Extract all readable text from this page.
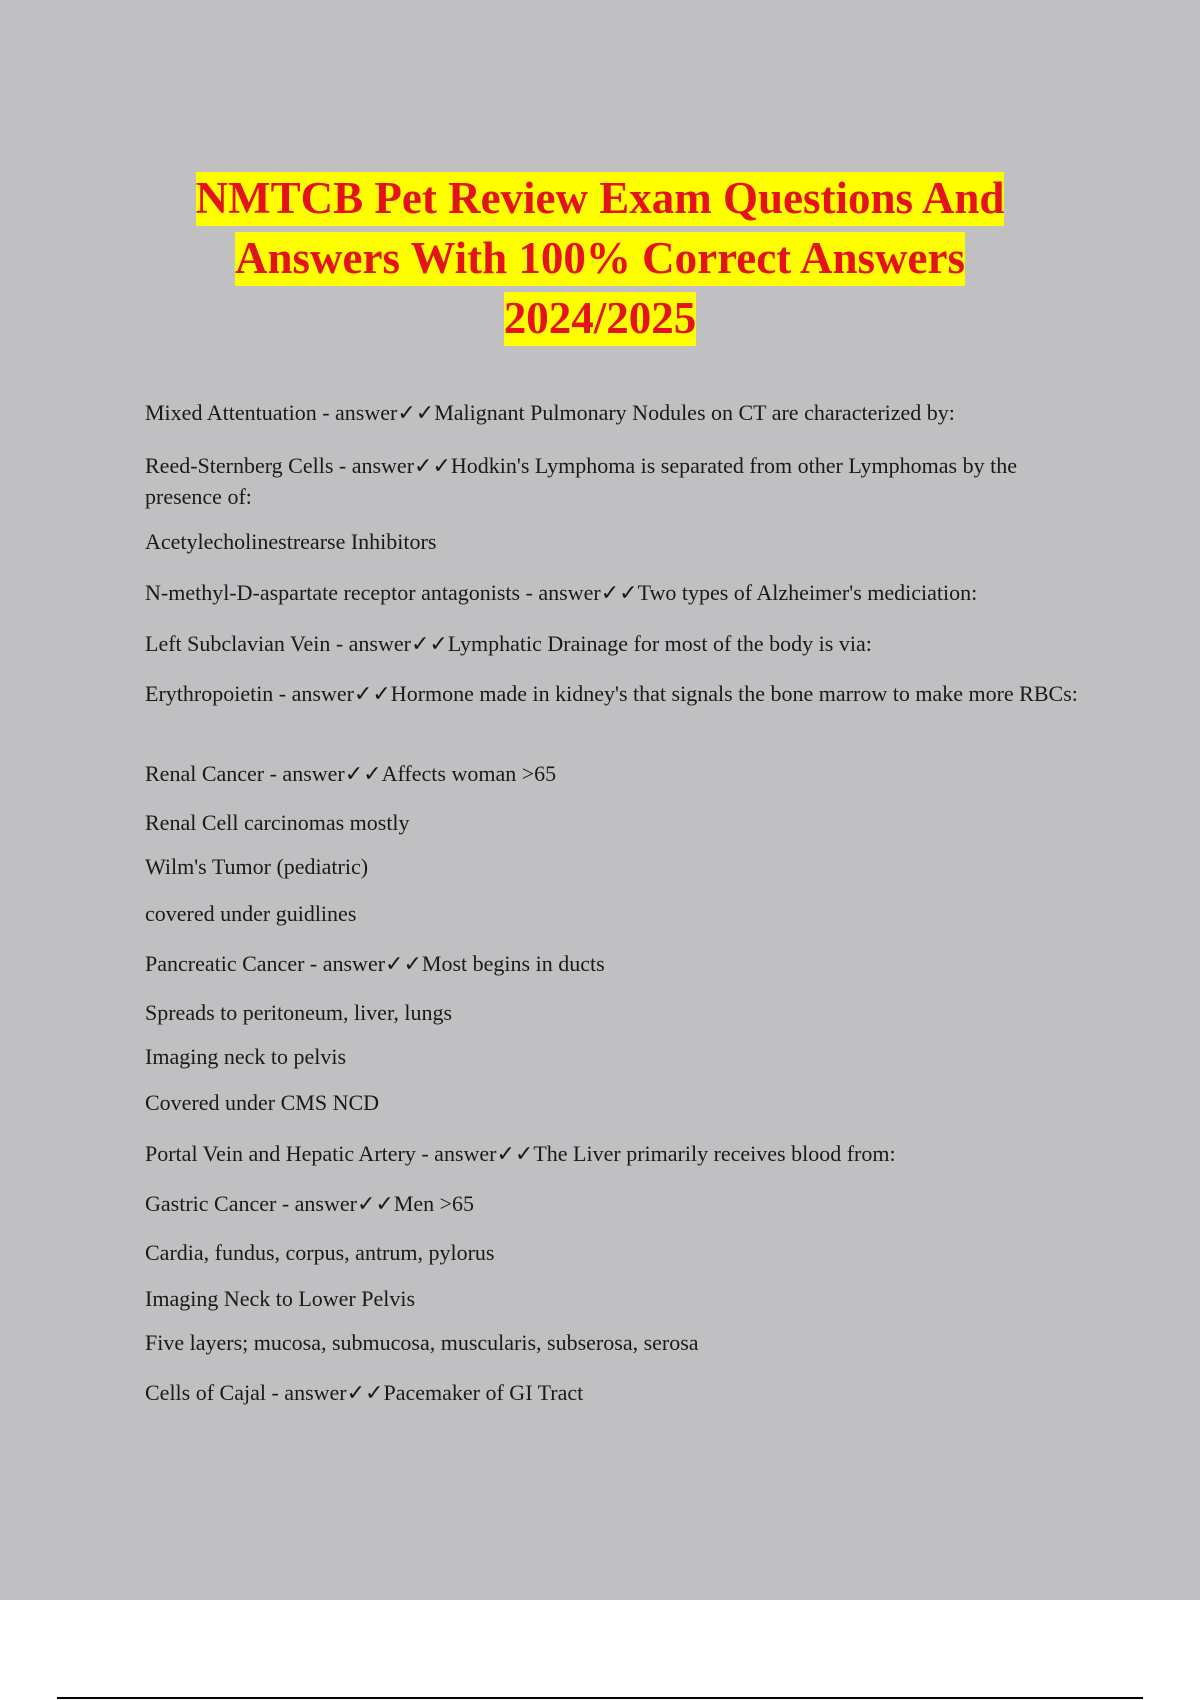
NMTCB Pet Review Exam Questions And
Answers With 100% Correct Answers
2024/2025

Mixed Attentuation - answer✓✓Malignant Pulmonary Nodules on CT are characterized by:

Reed-Sternberg Cells - answer✓✓Hodkin's Lymphoma is separated from other Lymphomas by the presence of:

Acetylecholinestrearse Inhibitors

N-methyl-D-aspartate receptor antagonists - answer✓✓Two types of Alzheimer's mediciation:

Left Subclavian Vein - answer✓✓Lymphatic Drainage for most of the body is via:

Erythropoietin - answer✓✓Hormone made in kidney's that signals the bone marrow to make more RBCs:

Renal Cancer - answer✓✓Affects woman >65

Renal Cell carcinomas mostly

Wilm's Tumor (pediatric)

covered under guidlines

Pancreatic Cancer - answer✓✓Most begins in ducts

Spreads to peritoneum, liver, lungs

Imaging neck to pelvis

Covered under CMS NCD

Portal Vein and Hepatic Artery - answer✓✓The Liver primarily receives blood from:

Gastric Cancer - answer✓✓Men >65

Cardia, fundus, corpus, antrum, pylorus

Imaging Neck to Lower Pelvis

Five layers; mucosa, submucosa, muscularis, subserosa, serosa

Cells of Cajal - answer✓✓Pacemaker of GI Tract
